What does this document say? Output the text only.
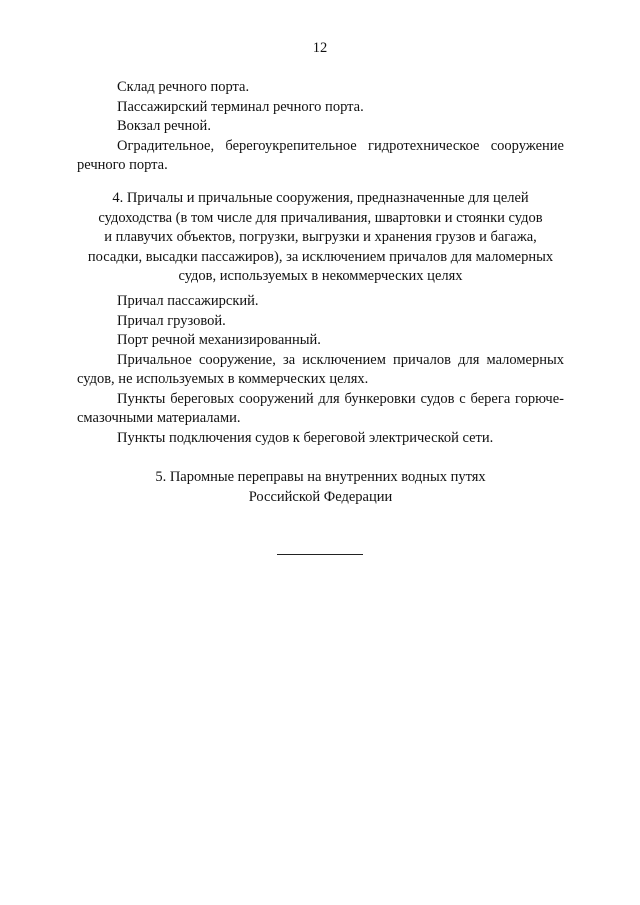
12

Склад речного порта.

Пассажирский терминал речного порта.

Вокзал речной.

Оградительное, берегоукрепительное гидротехническое сооружение речного порта.

4. Причалы и причальные сооружения, предназначенные для целей
судоходства (в том числе для причаливания, швартовки и стоянки судов
и плавучих объектов, погрузки, выгрузки и хранения грузов и багажа,
посадки, высадки пассажиров), за исключением причалов для маломерных
судов, используемых в некоммерческих целях

Причал пассажирский.

Причал грузовой.

Порт речной механизированный.

Причальное сооружение, за исключением причалов для маломерных судов, не используемых в коммерческих целях.

Пункты береговых сооружений для бункеровки судов с берега горюче-смазочными материалами.

Пункты подключения судов к береговой электрической сети.

5. Паромные переправы на внутренних водных путях
Российской Федерации
